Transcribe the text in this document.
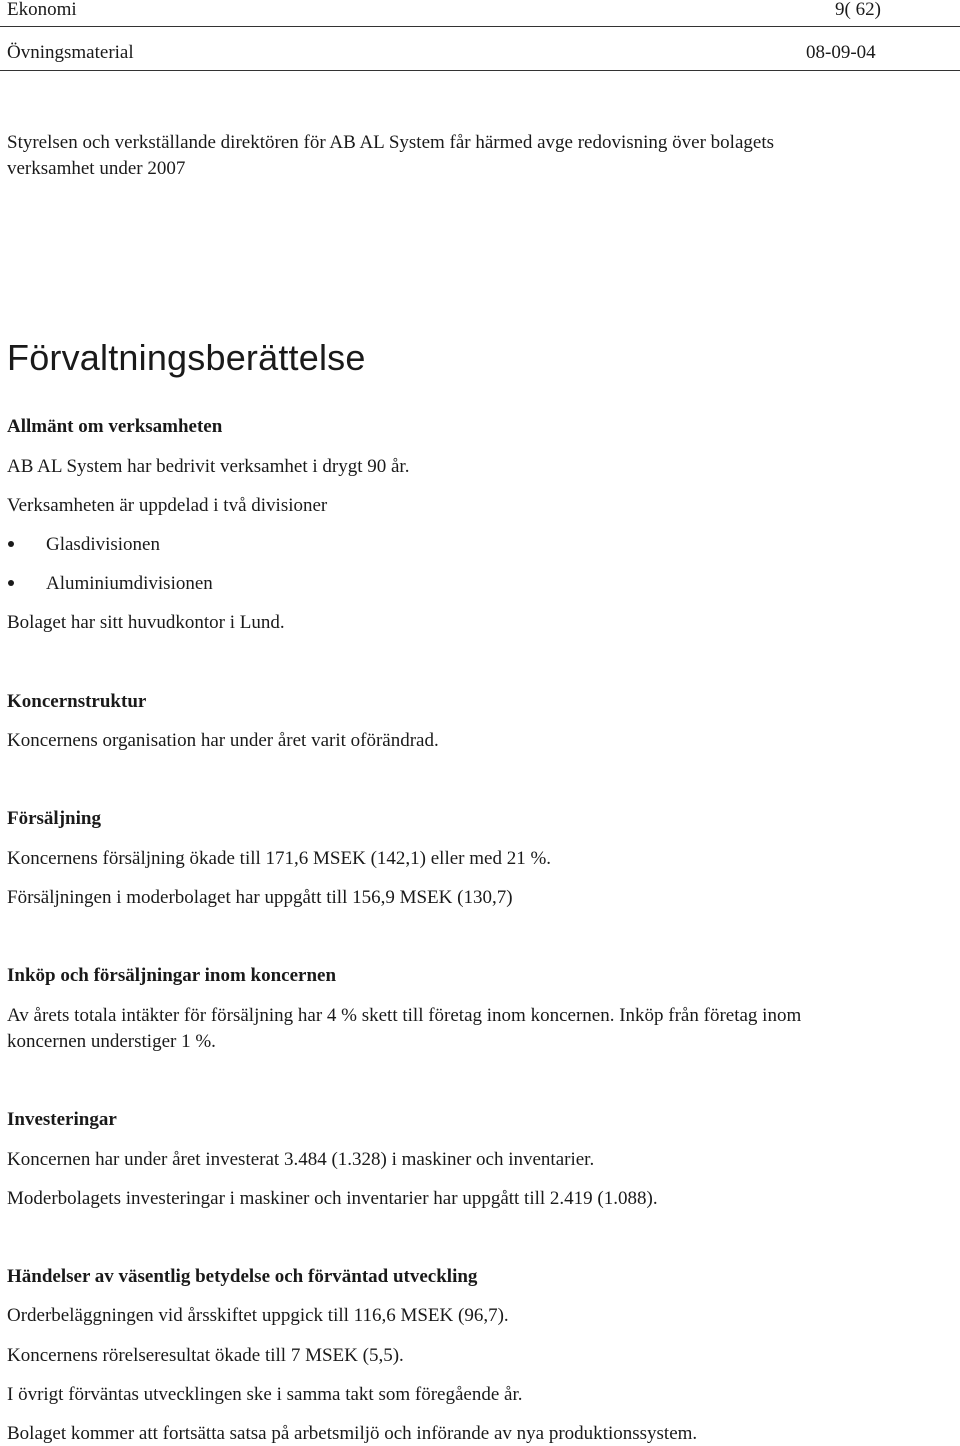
Ekonomi	9( 62)
Övningsmaterial	08-09-04
Styrelsen och verkställande direktören för AB AL System får härmed avge redovisning över bolagets
verksamhet under 2007
Förvaltningsberättelse
Allmänt om verksamheten
AB AL System har bedrivit verksamhet i drygt 90 år.
Verksamheten är uppdelad i två divisioner
Glasdivisionen
Aluminiumdivisionen
Bolaget har sitt huvudkontor i Lund.
Koncernstruktur
Koncernens organisation har under året varit oförändrad.
Försäljning
Koncernens försäljning ökade till 171,6 MSEK (142,1) eller med 21 %.
Försäljningen i moderbolaget har uppgått till 156,9 MSEK (130,7)
Inköp och försäljningar inom koncernen
Av årets totala intäkter för försäljning har 4 % skett till företag inom koncernen. Inköp från företag inom
koncernen understiger 1 %.
Investeringar
Koncernen har under året investerat 3.484 (1.328) i maskiner och inventarier.
Moderbolagets investeringar i maskiner och inventarier har uppgått till 2.419 (1.088).
Händelser av väsentlig betydelse och förväntad utveckling
Orderbeläggningen vid årsskiftet uppgick till 116,6 MSEK (96,7).
Koncernens rörelseresultat ökade till 7 MSEK (5,5).
I övrigt förväntas utvecklingen ske i samma takt som föregående år.
Bolaget kommer att fortsätta satsa på arbetsmiljö och införande av nya produktionssystem.
